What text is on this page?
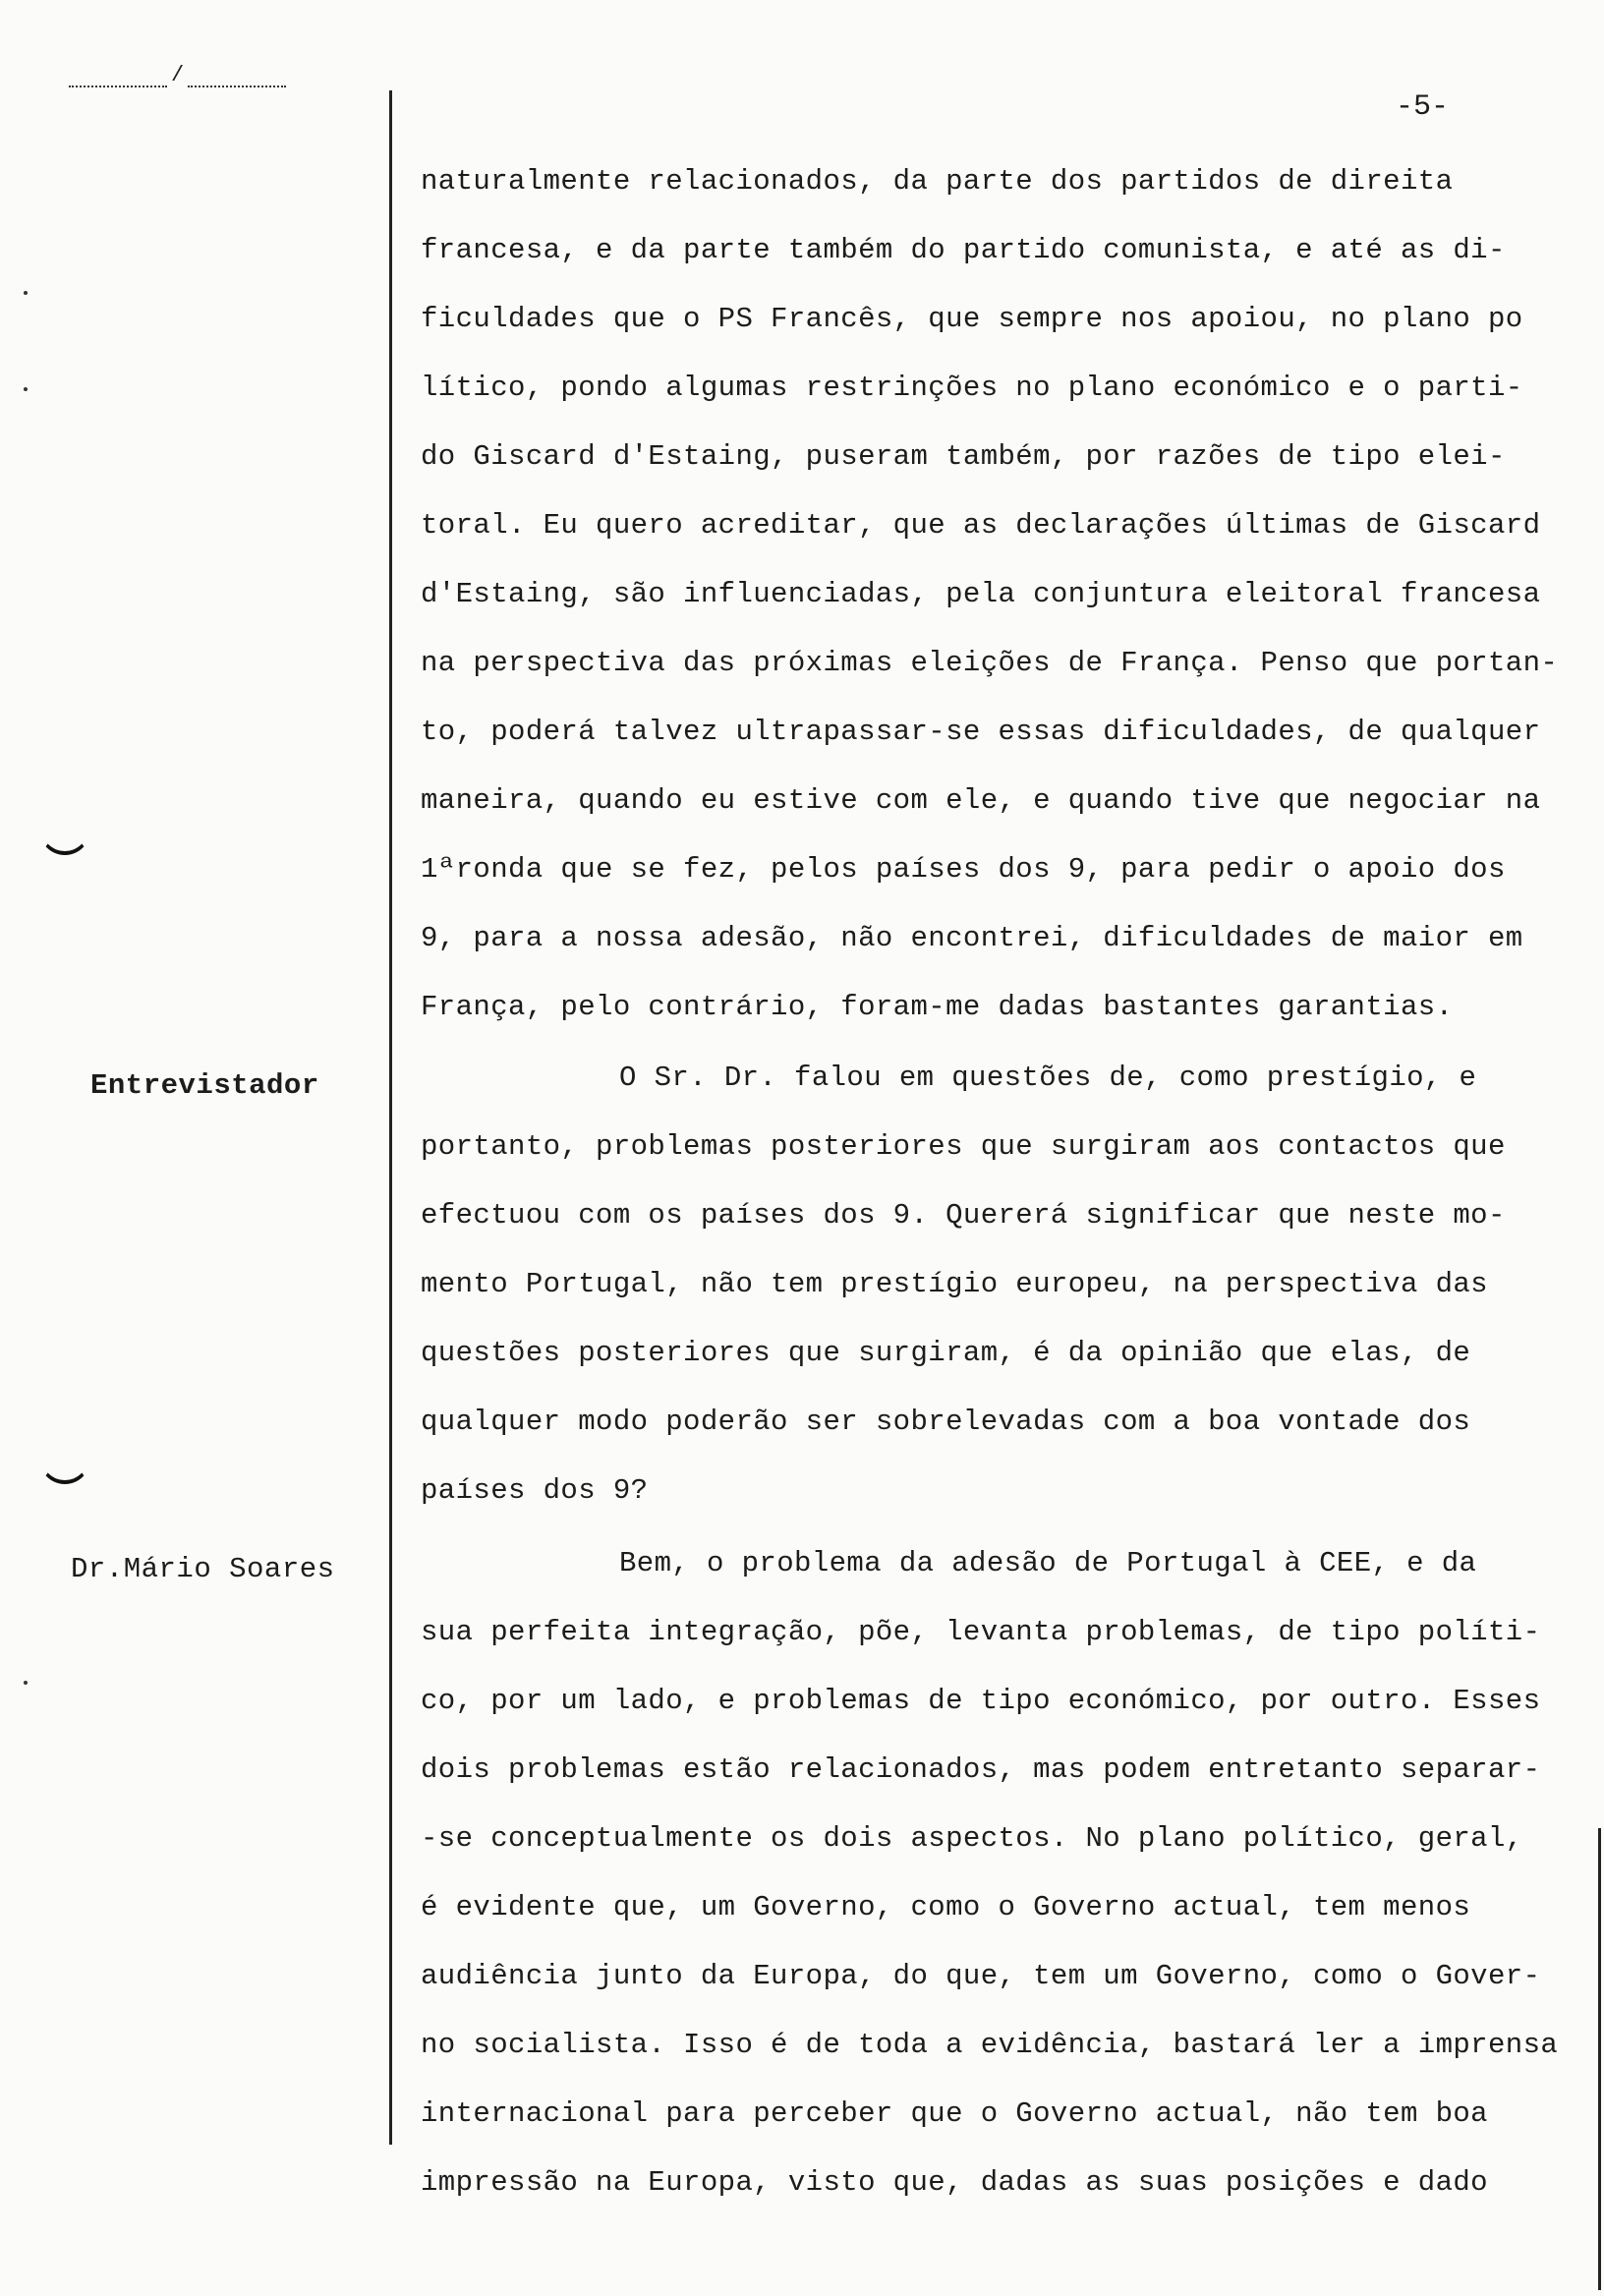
/
-5-
Entrevistador
Dr.Mário Soares
naturalmente relacionados, da parte dos partidos de direita
francesa, e da parte também do partido comunista, e até as di-
ficuldades que o PS Francês, que sempre nos apoiou, no plano po
lítico, pondo algumas restrinções no plano económico e o parti-
do Giscard d'Estaing, puseram também, por razões de tipo elei-
toral. Eu quero acreditar, que as declarações últimas de Giscard
d'Estaing, são influenciadas, pela conjuntura eleitoral francesa
na perspectiva das próximas eleições de França. Penso que portan-
to, poderá talvez ultrapassar-se essas dificuldades, de qualquer
maneira, quando eu estive com ele, e quando tive que negociar na
1ªronda que se fez, pelos países dos 9, para pedir o apoio dos
9, para a nossa adesão, não encontrei, dificuldades de maior em
França, pelo contrário, foram-me dadas bastantes garantias.
O Sr. Dr. falou em questões de, como prestígio, e
portanto, problemas posteriores que surgiram aos contactos que
efectuou com os países dos 9. Quererá significar que neste mo-
mento Portugal, não tem prestígio europeu, na perspectiva das
questões posteriores que surgiram, é da opinião que elas, de
qualquer modo poderão ser sobrelevadas com a boa vontade dos
países dos 9?
Bem, o problema da adesão de Portugal à CEE, e da
sua perfeita integração, põe, levanta problemas, de tipo políti-
co, por um lado, e problemas de tipo económico, por outro. Esses
dois problemas estão relacionados, mas podem entretanto separar-
-se conceptualmente os dois aspectos. No plano político, geral,
é evidente que, um Governo, como o Governo actual, tem menos
audiência junto da Europa, do que, tem um Governo, como o Gover-
no socialista. Isso é de toda a evidência, bastará ler a imprensa
internacional para perceber que o Governo actual, não tem boa
impressão na Europa, visto que, dadas as suas posições e dado
